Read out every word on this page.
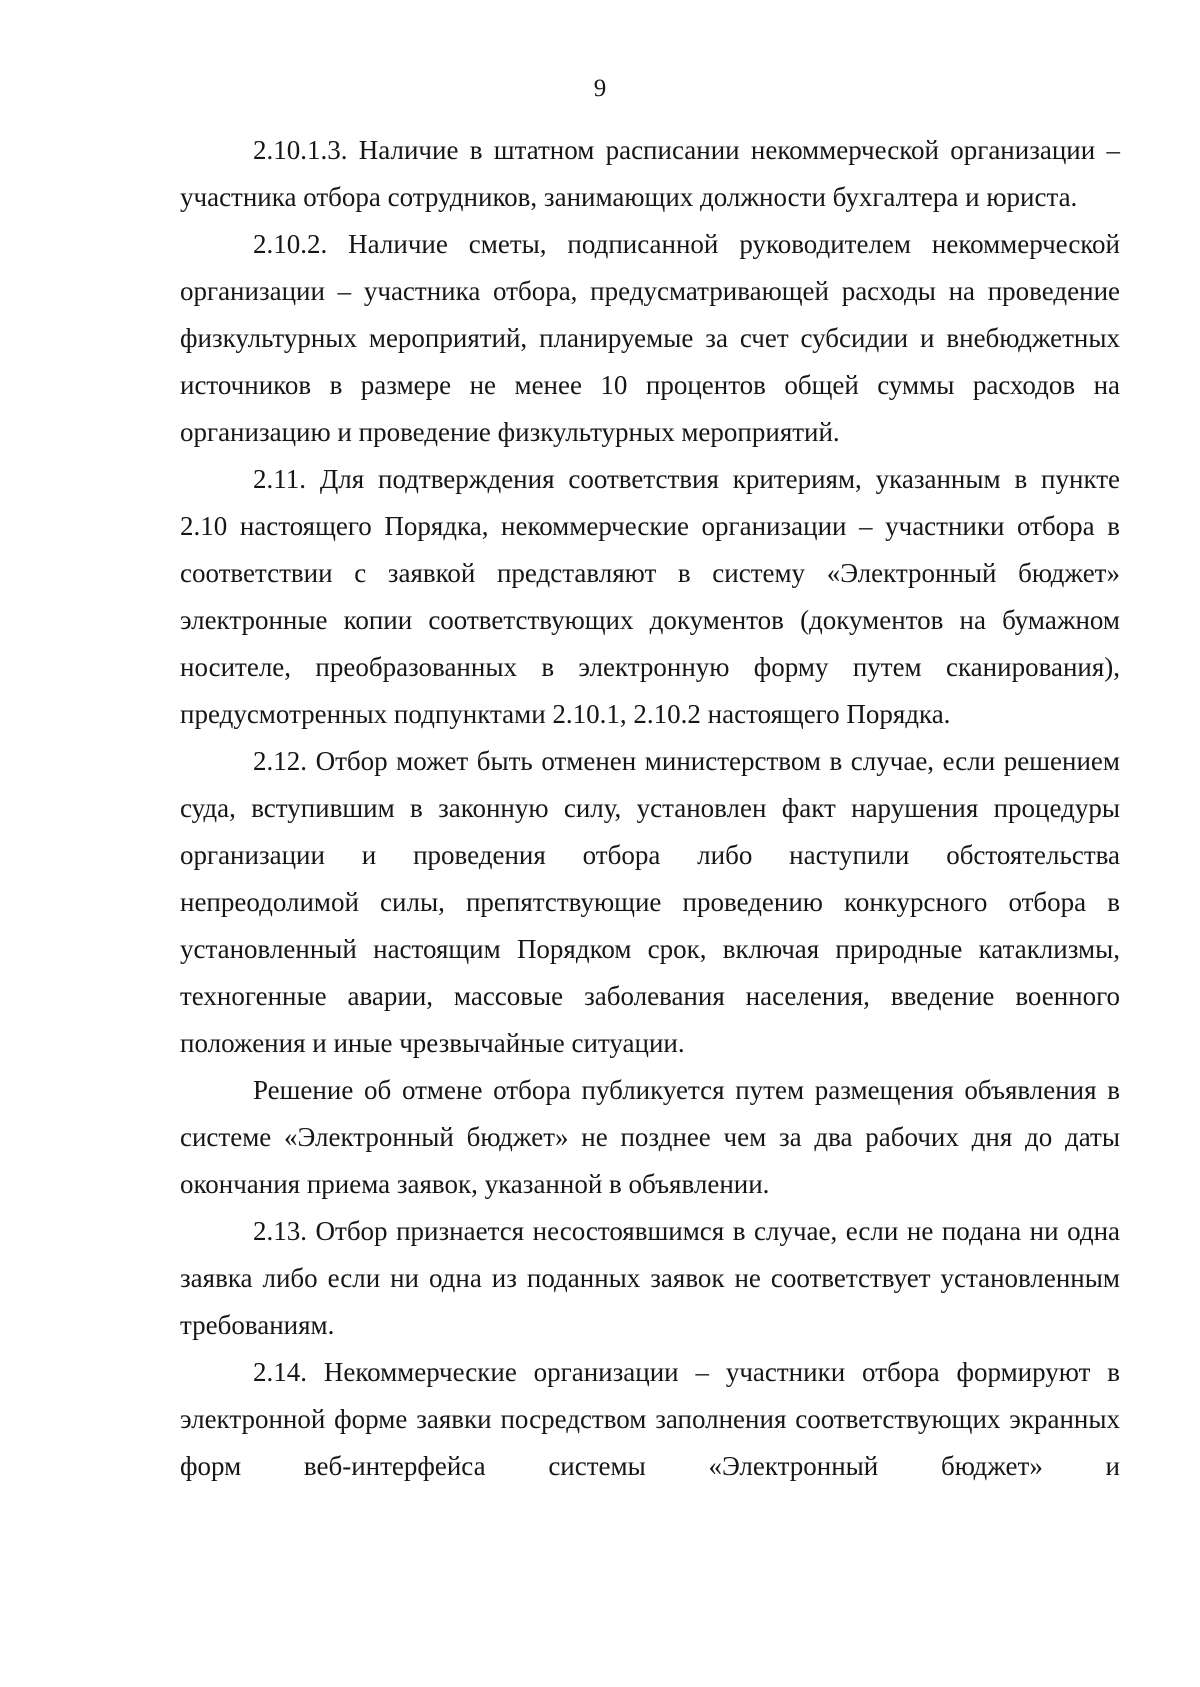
9

2.10.1.3. Наличие в штатном расписании некоммерческой организации – участника отбора сотрудников, занимающих должности бухгалтера и юриста.

2.10.2. Наличие сметы, подписанной руководителем некоммерческой организации – участника отбора, предусматривающей расходы на проведение физкультурных мероприятий, планируемые за счет субсидии и внебюджетных источников в размере не менее 10 процентов общей суммы расходов на организацию и проведение физкультурных мероприятий.

2.11. Для подтверждения соответствия критериям, указанным в пункте 2.10 настоящего Порядка, некоммерческие организации – участники отбора в соответствии с заявкой представляют в систему «Электронный бюджет» электронные копии соответствующих документов (документов на бумажном носителе, преобразованных в электронную форму путем сканирования), предусмотренных подпунктами 2.10.1, 2.10.2 настоящего Порядка.

2.12. Отбор может быть отменен министерством в случае, если решением суда, вступившим в законную силу, установлен факт нарушения процедуры организации и проведения отбора либо наступили обстоятельства непреодолимой силы, препятствующие проведению конкурсного отбора в установленный настоящим Порядком срок, включая природные катаклизмы, техногенные аварии, массовые заболевания населения, введение военного положения и иные чрезвычайные ситуации.

Решение об отмене отбора публикуется путем размещения объявления в системе «Электронный бюджет» не позднее чем за два рабочих дня до даты окончания приема заявок, указанной в объявлении.

2.13. Отбор признается несостоявшимся в случае, если не подана ни одна заявка либо если ни одна из поданных заявок не соответствует установленным требованиям.

2.14. Некоммерческие организации – участники отбора формируют в электронной форме заявки посредством заполнения соответствующих экранных форм веб-интерфейса системы «Электронный бюджет» и
